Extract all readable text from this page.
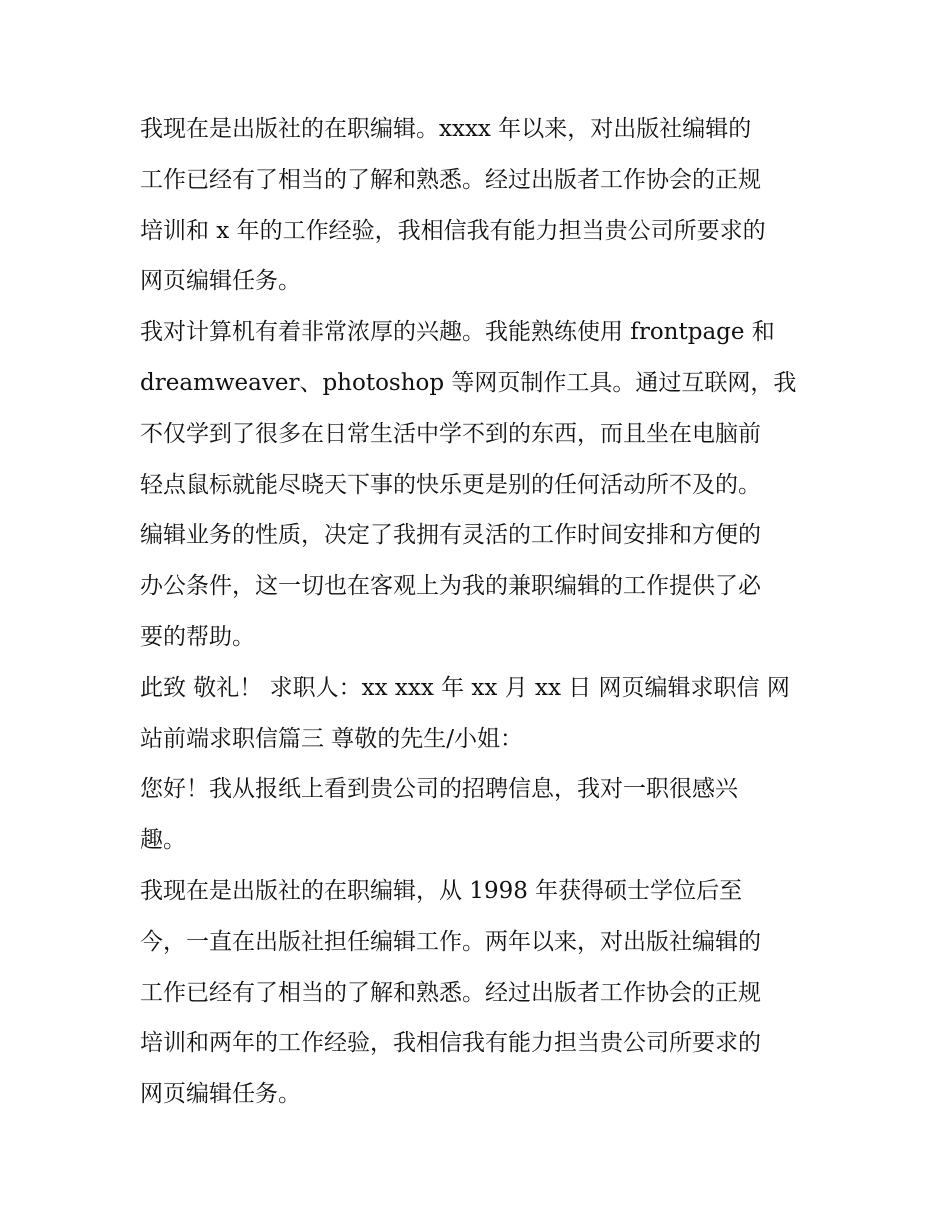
我现在是出版社的在职编辑。xxxx 年以来，对出版社编辑的
工作已经有了相当的了解和熟悉。经过出版者工作协会的正规
培训和 x 年的工作经验，我相信我有能力担当贵公司所要求的
网页编辑任务。
我对计算机有着非常浓厚的兴趣。我能熟练使用 frontpage 和
dreamweaver、photoshop 等网页制作工具。通过互联网，我
不仅学到了很多在日常生活中学不到的东西，而且坐在电脑前
轻点鼠标就能尽晓天下事的快乐更是别的任何活动所不及的。
编辑业务的性质，决定了我拥有灵活的工作时间安排和方便的
办公条件，这一切也在客观上为我的兼职编辑的工作提供了必
要的帮助。
此致 敬礼！ 求职人：xx xxx 年 xx 月 xx 日 网页编辑求职信 网
站前端求职信篇三 尊敬的先生/小姐：
您好！我从报纸上看到贵公司的招聘信息，我对一职很感兴
趣。
我现在是出版社的在职编辑，从 1998 年获得硕士学位后至
今，一直在出版社担任编辑工作。两年以来，对出版社编辑的
工作已经有了相当的了解和熟悉。经过出版者工作协会的正规
培训和两年的工作经验，我相信我有能力担当贵公司所要求的
网页编辑任务。
